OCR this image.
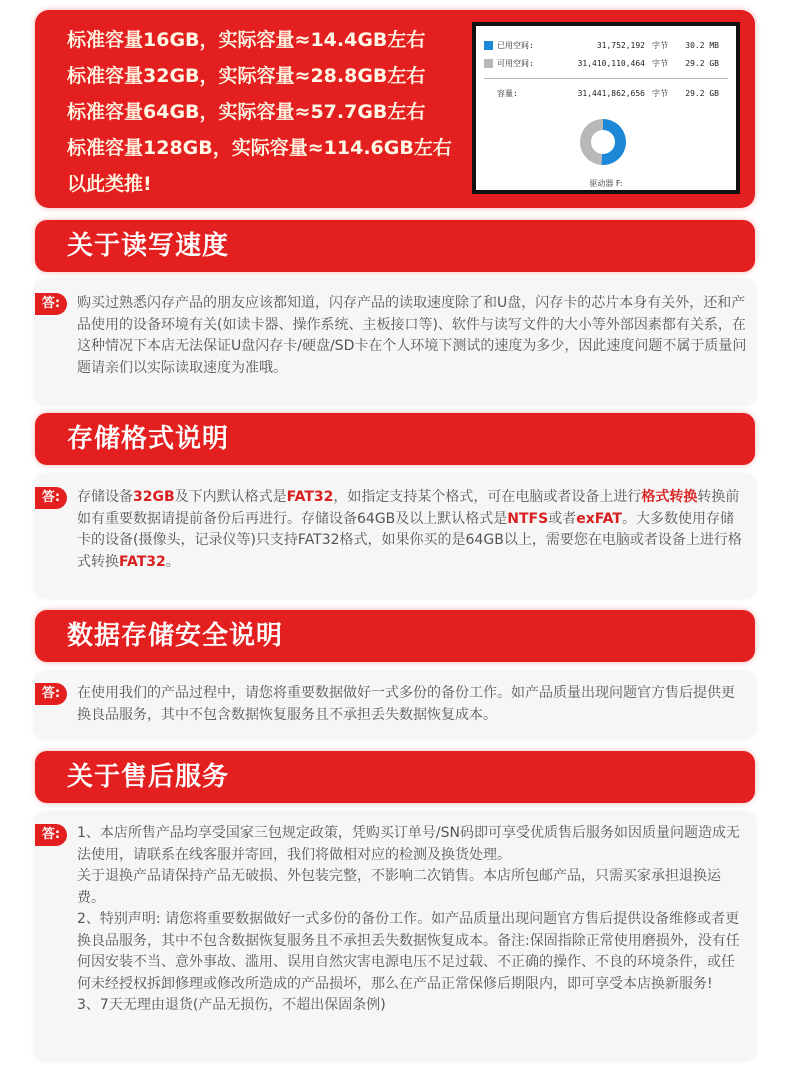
标准容量16GB，实际容量≈14.4GB左右
标准容量32GB，实际容量≈28.8GB左右
标准容量64GB，实际容量≈57.7GB左右
标准容量128GB，实际容量≈114.6GB左右
以此类推!
已用空间:	31,752,192 字节 30.2 MB
可用空间:	31,410,110,464 字节 29.2 GB
容量:	31,441,862,656 字节 29.2 GB
驱动器 F:
关于读写速度
答:	购买过熟悉闪存产品的朋友应该都知道，闪存产品的读取速度除了和U盘，闪存卡的芯片本身有关外，还和产品使用的设备环境有关(如读卡器、操作系统、主板接口等)、软件与读写文件的大小等外部因素都有关系，在这种情况下本店无法保证U盘闪存卡/硬盘/SD卡在个人环境下测试的速度为多少，因此速度问题不属于质量问题请亲们以实际读取速度为准哦。
存储格式说明
答:	存储设备32GB及下内默认格式是FAT32，如指定支持某个格式，可在电脑或者设备上进行格式转换转换前如有重要数据请提前备份后再进行。存储设备64GB及以上默认格式是NTFS或者exFAT。大多数使用存储卡的设备(摄像头，记录仪等)只支持FAT32格式，如果你买的是64GB以上，需要您在电脑或者设备上进行格式转换FAT32。
数据存储安全说明
答:	在使用我们的产品过程中，请您将重要数据做好一式多份的备份工作。如产品质量出现问题官方售后提供更换良品服务，其中不包含数据恢复服务且不承担丢失数据恢复成本。
关于售后服务
答:	1、本店所售产品均享受国家三包规定政策，凭购买订单号/SN码即可享受优质售后服务如因质量问题造成无法使用，请联系在线客服并寄回，我们将做相对应的检测及换货处理。
关于退换产品请保持产品无破损、外包装完整，不影响二次销售。本店所包邮产品，只需买家承担退换运费。
2、特别声明: 请您将重要数据做好一式多份的备份工作。如产品质量出现问题官方售后提供设备维修或者更换良品服务，其中不包含数据恢复服务且不承担丢失数据恢复成本。备注:保固指除正常使用磨损外，没有任何因安装不当、意外事故、滥用、误用自然灾害电源电压不足过载、不正确的操作、不良的环境条件，或任何未经授权拆卸修理或修改所造成的产品损坏，那么在产品正常保修后期限内，即可享受本店换新服务!
3、7天无理由退货(产品无损伤，不超出保固条例)
